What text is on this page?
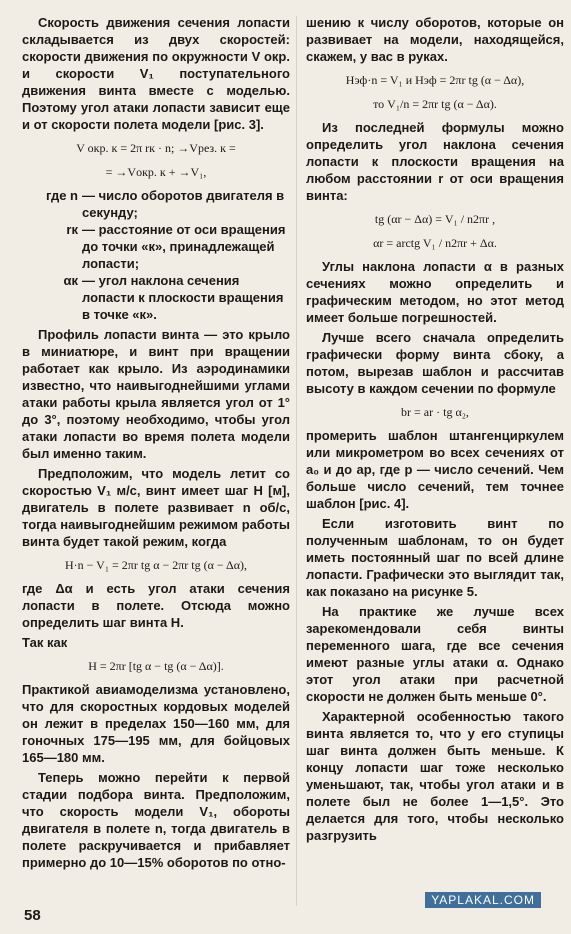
Скорость движения сечения лопасти складывается из двух скоростей: скорости движения по окружности V окр. и скорости V₁ поступательного движения винта вместе с моделью. Поэтому угол атаки лопасти зависит еще и от скорости полета модели [рис. 3].

V окр. к = 2π rк · n; →Vрез. к =
= →Vокр. к + →V₁,
где n — число оборотов двигателя в секунду;
rк — расстояние от оси вращения до точки «к», принадлежащей лопасти;
αк — угол наклона сечения лопасти к плоскости вращения в точке «к».

Профиль лопасти винта — это крыло в миниатюре, и винт при вращении работает как крыло. Из аэродинамики известно, что наивыгоднейшими углами атаки работы крыла является угол от 1° до 3°, поэтому необходимо, чтобы угол атаки лопасти во время полета модели был именно таким.

Предположим, что модель летит со скоростью V₁ м/с, винт имеет шаг H [м], двигатель в полете развивает n об/с, тогда наивыгоднейшим режимом работы винта будет такой режим, когда

H·n − V₁ = 2πr tg α − 2πr tg (α − Δα),

где Δα и есть угол атаки сечения лопасти в полете. Отсюда можно определить шаг винта H.

Так как

H = 2πr [tg α − tg (α − Δα)].

Практикой авиамоделизма установлено, что для скоростных кордовых моделей он лежит в пределах 150—160 мм, для гоночных 175—195 мм, для бойцовых 165—180 мм.

Теперь можно перейти к первой стадии подбора винта. Предположим, что скорость модели V₁, обороты двигателя в полете n, тогда двигатель в полете раскручивается и прибавляет примерно до 10—15% оборотов по отно-

шению к числу оборотов, которые он развивает на модели, находящейся, скажем, у вас в руках.

Hэф·n = V₁ и Hэф = 2πr tg (α − Δα),
то V₁/n = 2πr tg (α − Δα).

Из последней формулы можно определить угол наклона сечения лопасти к плоскости вращения на любом расстоянии r от оси вращения винта:

tg (αr − Δα) = V₁ / n2πr ,
αr = arctg V₁ / n2πr + Δα.

Углы наклона лопасти α в разных сечениях можно определить и графическим методом, но этот метод имеет больше погрешностей.

Лучше всего сначала определить графически форму винта сбоку, а потом, вырезав шаблон и рассчитав высоту в каждом сечении по формуле

br = ar · tg α₂,

промерить шаблон штангенциркулем или микрометром во всех сечениях от a₀ и до aр, где р — число сечений. Чем больше число сечений, тем точнее шаблон [рис. 4].

Если изготовить винт по полученным шаблонам, то он будет иметь постоянный шаг по всей длине лопасти. Графически это выглядит так, как показано на рисунке 5.

На практике же лучше всех зарекомендовали себя винты переменного шага, где все сечения имеют разные углы атаки α. Однако этот угол атаки при расчетной скорости не должен быть меньше 0°.

Характерной особенностью такого винта является то, что у его ступицы шаг винта должен быть меньше. К концу лопасти шаг тоже несколько уменьшают, так, чтобы угол атаки и в полете был не более 1—1,5°. Это делается для того, чтобы несколько разгрузить

58
YAPLAKAL.COM
